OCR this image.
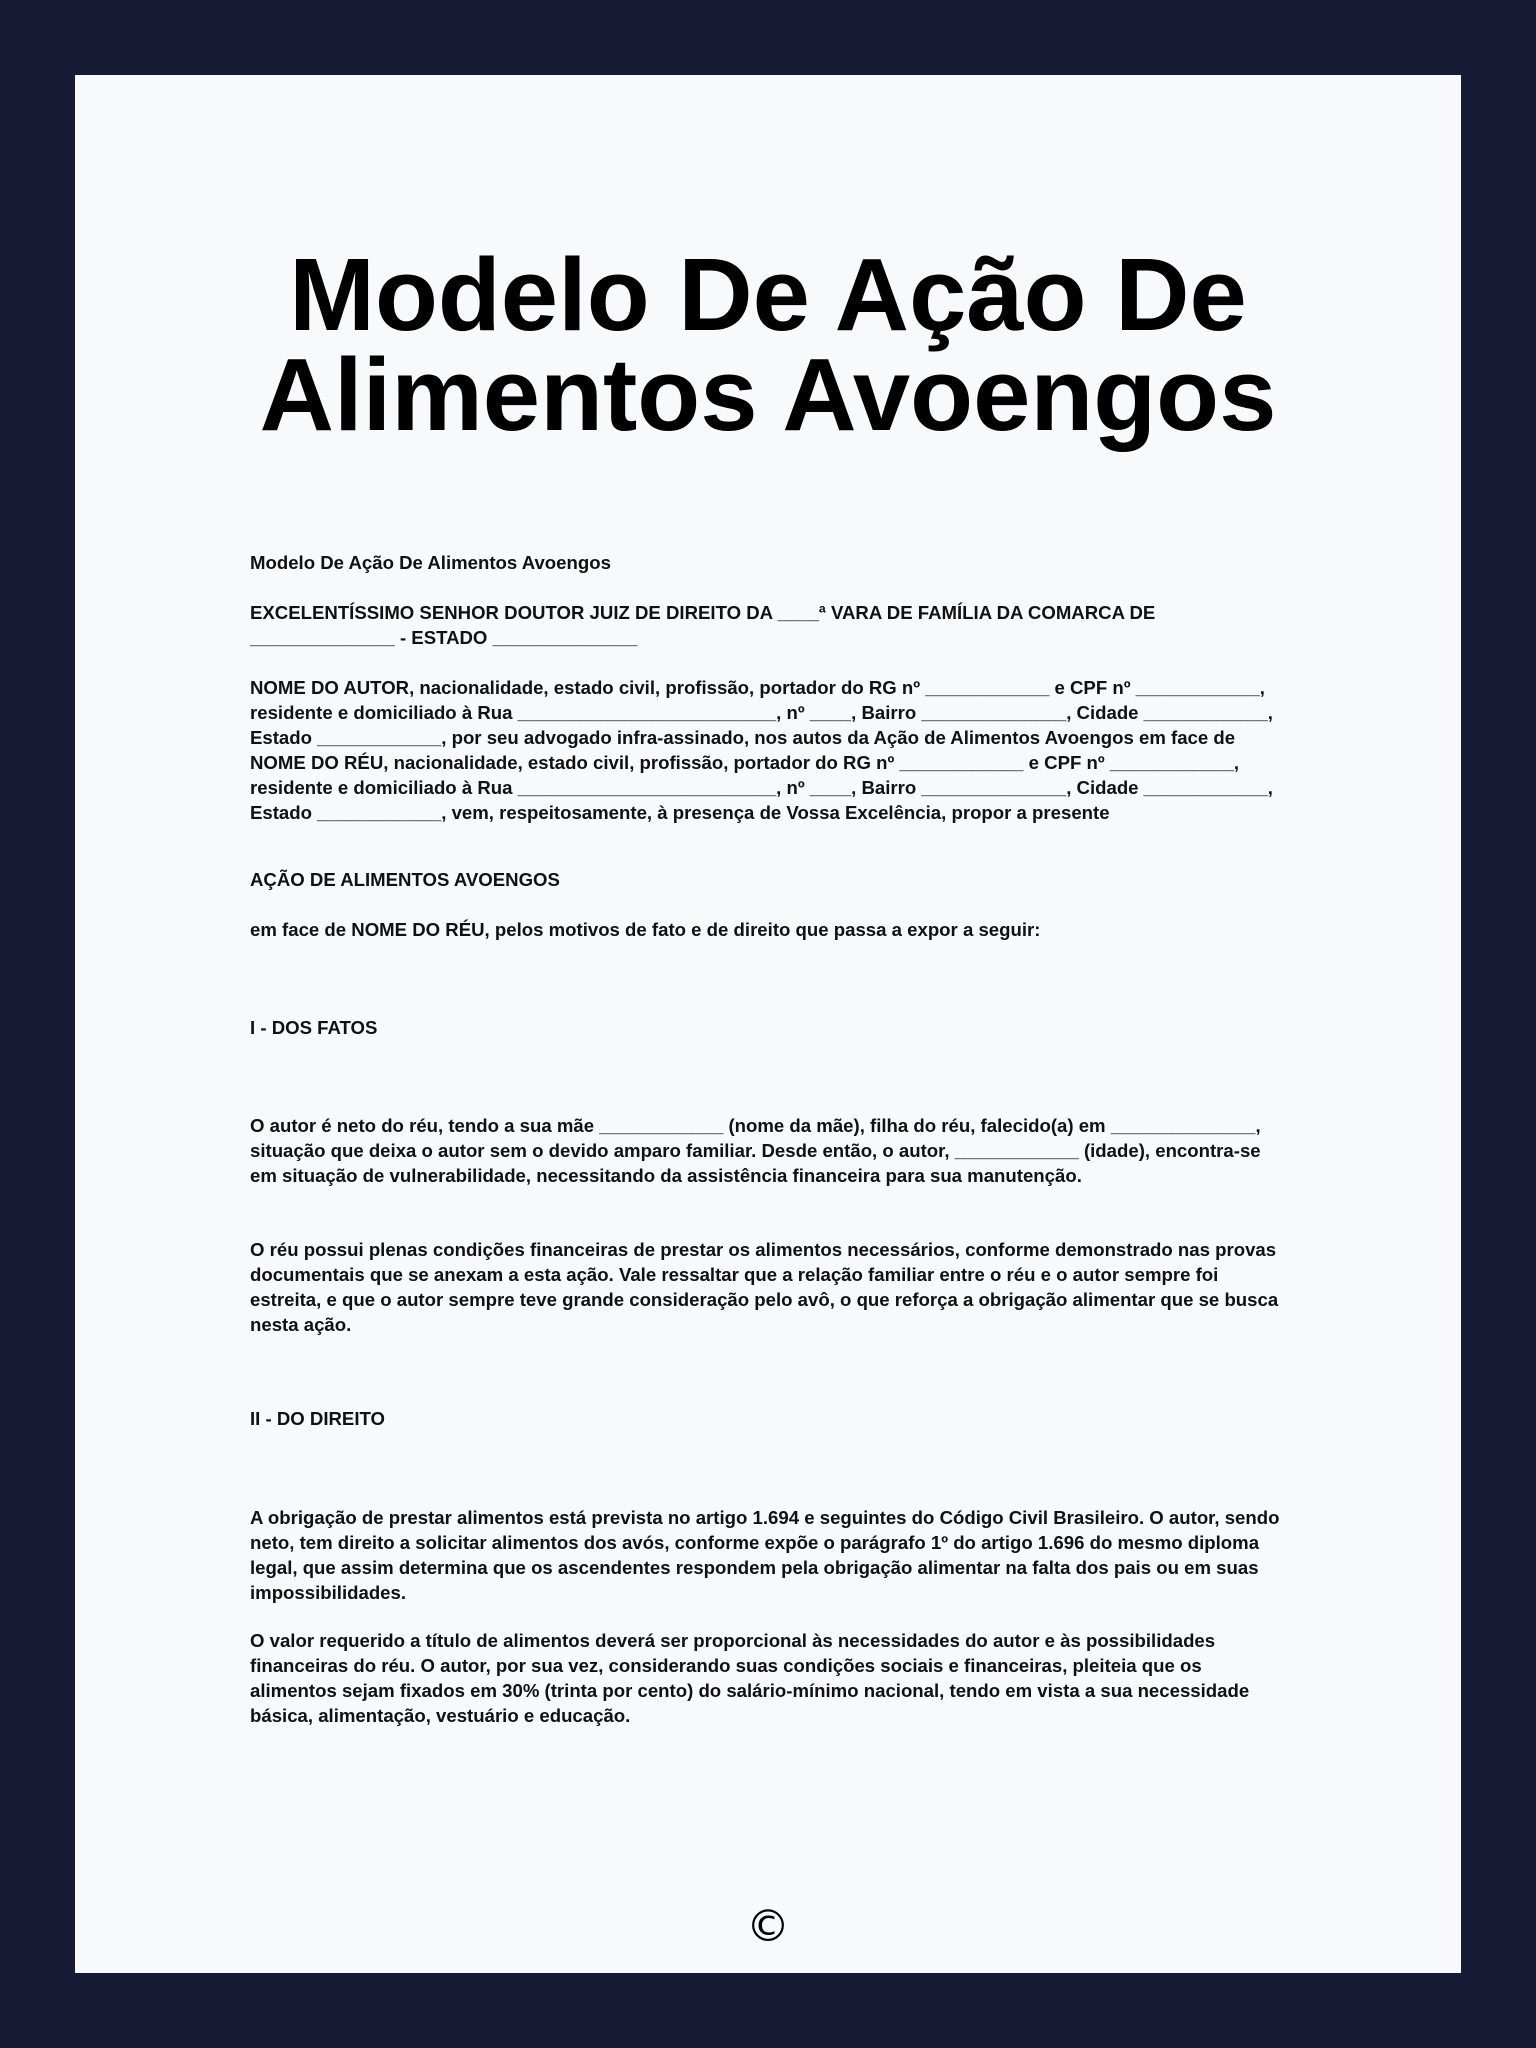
Modelo De Ação De
Alimentos Avoengos

Modelo De Ação De Alimentos Avoengos

EXCELENTÍSSIMO SENHOR DOUTOR JUIZ DE DIREITO DA ____ª VARA DE FAMÍLIA DA COMARCA DE ______________ - ESTADO ______________

NOME DO AUTOR, nacionalidade, estado civil, profissão, portador do RG nº ____________ e CPF nº ____________, residente e domiciliado à Rua _________________________, nº ____, Bairro ______________, Cidade ____________, Estado ____________, por seu advogado infra-assinado, nos autos da Ação de Alimentos Avoengos em face de NOME DO RÉU, nacionalidade, estado civil, profissão, portador do RG nº ____________ e CPF nº ____________, residente e domiciliado à Rua _________________________, nº ____, Bairro ______________, Cidade ____________, Estado ____________, vem, respeitosamente, à presença de Vossa Excelência, propor a presente

AÇÃO DE ALIMENTOS AVOENGOS

em face de NOME DO RÉU, pelos motivos de fato e de direito que passa a expor a seguir:

I - DOS FATOS

O autor é neto do réu, tendo a sua mãe ____________ (nome da mãe), filha do réu, falecido(a) em ______________, situação que deixa o autor sem o devido amparo familiar. Desde então, o autor, ____________ (idade), encontra-se em situação de vulnerabilidade, necessitando da assistência financeira para sua manutenção.

O réu possui plenas condições financeiras de prestar os alimentos necessários, conforme demonstrado nas provas documentais que se anexam a esta ação. Vale ressaltar que a relação familiar entre o réu e o autor sempre foi estreita, e que o autor sempre teve grande consideração pelo avô, o que reforça a obrigação alimentar que se busca nesta ação.

II - DO DIREITO

A obrigação de prestar alimentos está prevista no artigo 1.694 e seguintes do Código Civil Brasileiro. O autor, sendo neto, tem direito a solicitar alimentos dos avós, conforme expõe o parágrafo 1º do artigo 1.696 do mesmo diploma legal, que assim determina que os ascendentes respondem pela obrigação alimentar na falta dos pais ou em suas impossibilidades.

O valor requerido a título de alimentos deverá ser proporcional às necessidades do autor e às possibilidades financeiras do réu. O autor, por sua vez, considerando suas condições sociais e financeiras, pleiteia que os alimentos sejam fixados em 30% (trinta por cento) do salário-mínimo nacional, tendo em vista a sua necessidade básica, alimentação, vestuário e educação.

©
